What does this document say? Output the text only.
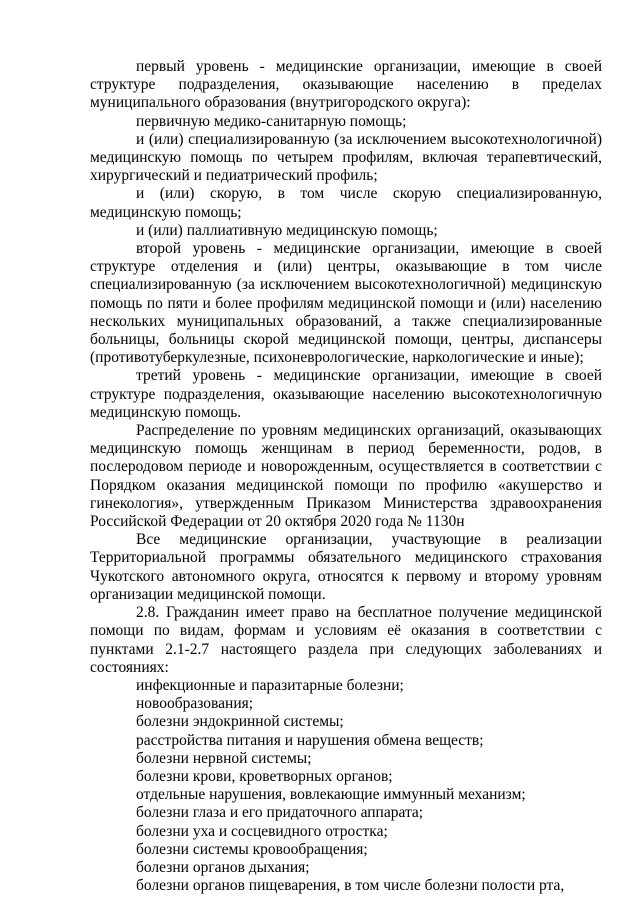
первый уровень - медицинские организации, имеющие в своей структуре подразделения, оказывающие населению в пределах муниципального образования (внутригородского округа):

первичную медико-санитарную помощь;

и (или) специализированную (за исключением высокотехнологичной) медицинскую помощь по четырем профилям, включая терапевтический, хирургический и педиатрический профиль;

и (или) скорую, в том числе скорую специализированную, медицинскую помощь;

и (или) паллиативную медицинскую помощь;

второй уровень - медицинские организации, имеющие в своей структуре отделения и (или) центры, оказывающие в том числе специализированную (за исключением высокотехнологичной) медицинскую помощь по пяти и более профилям медицинской помощи и (или) населению нескольких муниципальных образований, а также специализированные больницы, больницы скорой медицинской помощи, центры, диспансеры (противотуберкулезные, психоневрологические, наркологические и иные);

третий уровень - медицинские организации, имеющие в своей структуре подразделения, оказывающие населению высокотехнологичную медицинскую помощь.

Распределение по уровням медицинских организаций, оказывающих медицинскую помощь женщинам в период беременности, родов, в послеродовом периоде и новорожденным, осуществляется в соответствии с Порядком оказания медицинской помощи по профилю «акушерство и гинекология», утвержденным Приказом Министерства здравоохранения Российской Федерации от 20 октября 2020 года № 1130н

Все медицинские организации, участвующие в реализации Территориальной программы обязательного медицинского страхования Чукотского автономного округа, относятся к первому и второму уровням организации медицинской помощи.

2.8. Гражданин имеет право на бесплатное получение медицинской помощи по видам, формам и условиям её оказания в соответствии с пунктами 2.1-2.7 настоящего раздела при следующих заболеваниях и состояниях:

инфекционные и паразитарные болезни;

новообразования;

болезни эндокринной системы;

расстройства питания и нарушения обмена веществ;

болезни нервной системы;

болезни крови, кроветворных органов;

отдельные нарушения, вовлекающие иммунный механизм;

болезни глаза и его придаточного аппарата;

болезни уха и сосцевидного отростка;

болезни системы кровообращения;

болезни органов дыхания;

болезни органов пищеварения, в том числе болезни полости рта,
